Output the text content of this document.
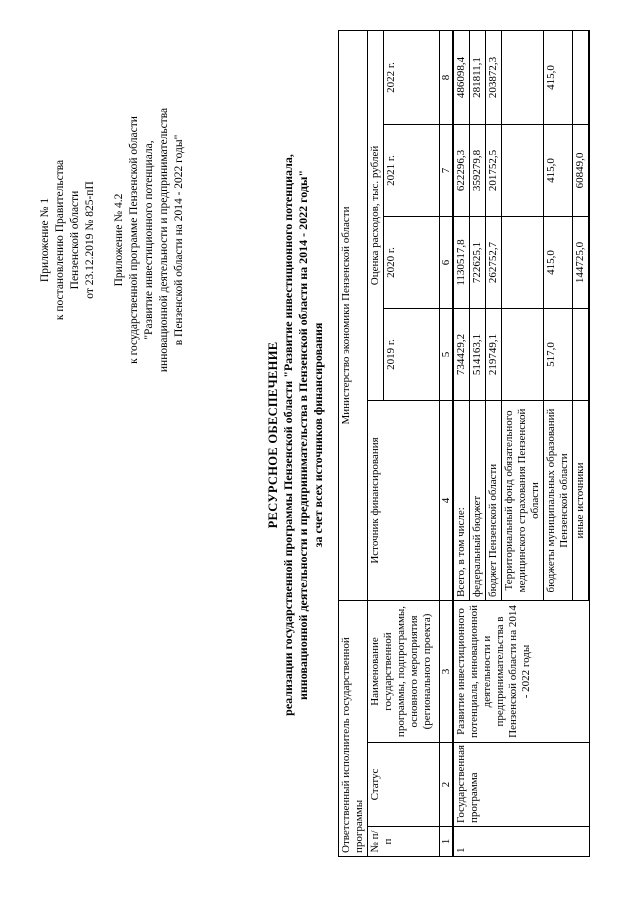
Приложение № 1 к постановлению Правительства Пензенской области от 23.12.2019 № 825-пП Приложение № 4.2 к государственной программе Пензенской области "Развитие инвестиционного потенциала, инновационной деятельности и предпринимательства в Пензенской области на 2014 - 2022 годы"
РЕСУРСНОЕ ОБЕСПЕЧЕНИЕ реализации государственной программы Пензенской области "Развитие инвестиционного потенциала, инновационной деятельности и предпринимательства в Пензенской области на 2014 - 2022 годы" за счет всех источников финансирования
Ответственный исполнитель государственной программы			Министерство экономики Пензенской области				
№ п/п	Статус	Наименование государственной программы, подпрограммы, основного мероприятия (регионального проекта)	Источник финансирования	Оценка расходов, тыс. рублей			
				2019 г.	2020 г.	2021 г.	2022 г.
1	2	3	4	5	6	7	8
1	Государственная программа	Развитие инвестиционного потенциала, инновационной деятельности и предпринимательства в Пензенской области на 2014 - 2022 годы	Всего, в том числе:	734429,2	1130517,8	622296,3	486098,4
			федеральный бюджет	514163,1	722625,1	359279,8	281811,1
			бюджет Пензенской области	219749,1	262752,7	201752,5	203872,3
			Территориальный фонд обязательного медицинского страхования Пензенской области				
			бюджеты муниципальных образований Пензенской области	517,0	415,0	415,0	415,0
			иные источники		144725,0	60849,0	
